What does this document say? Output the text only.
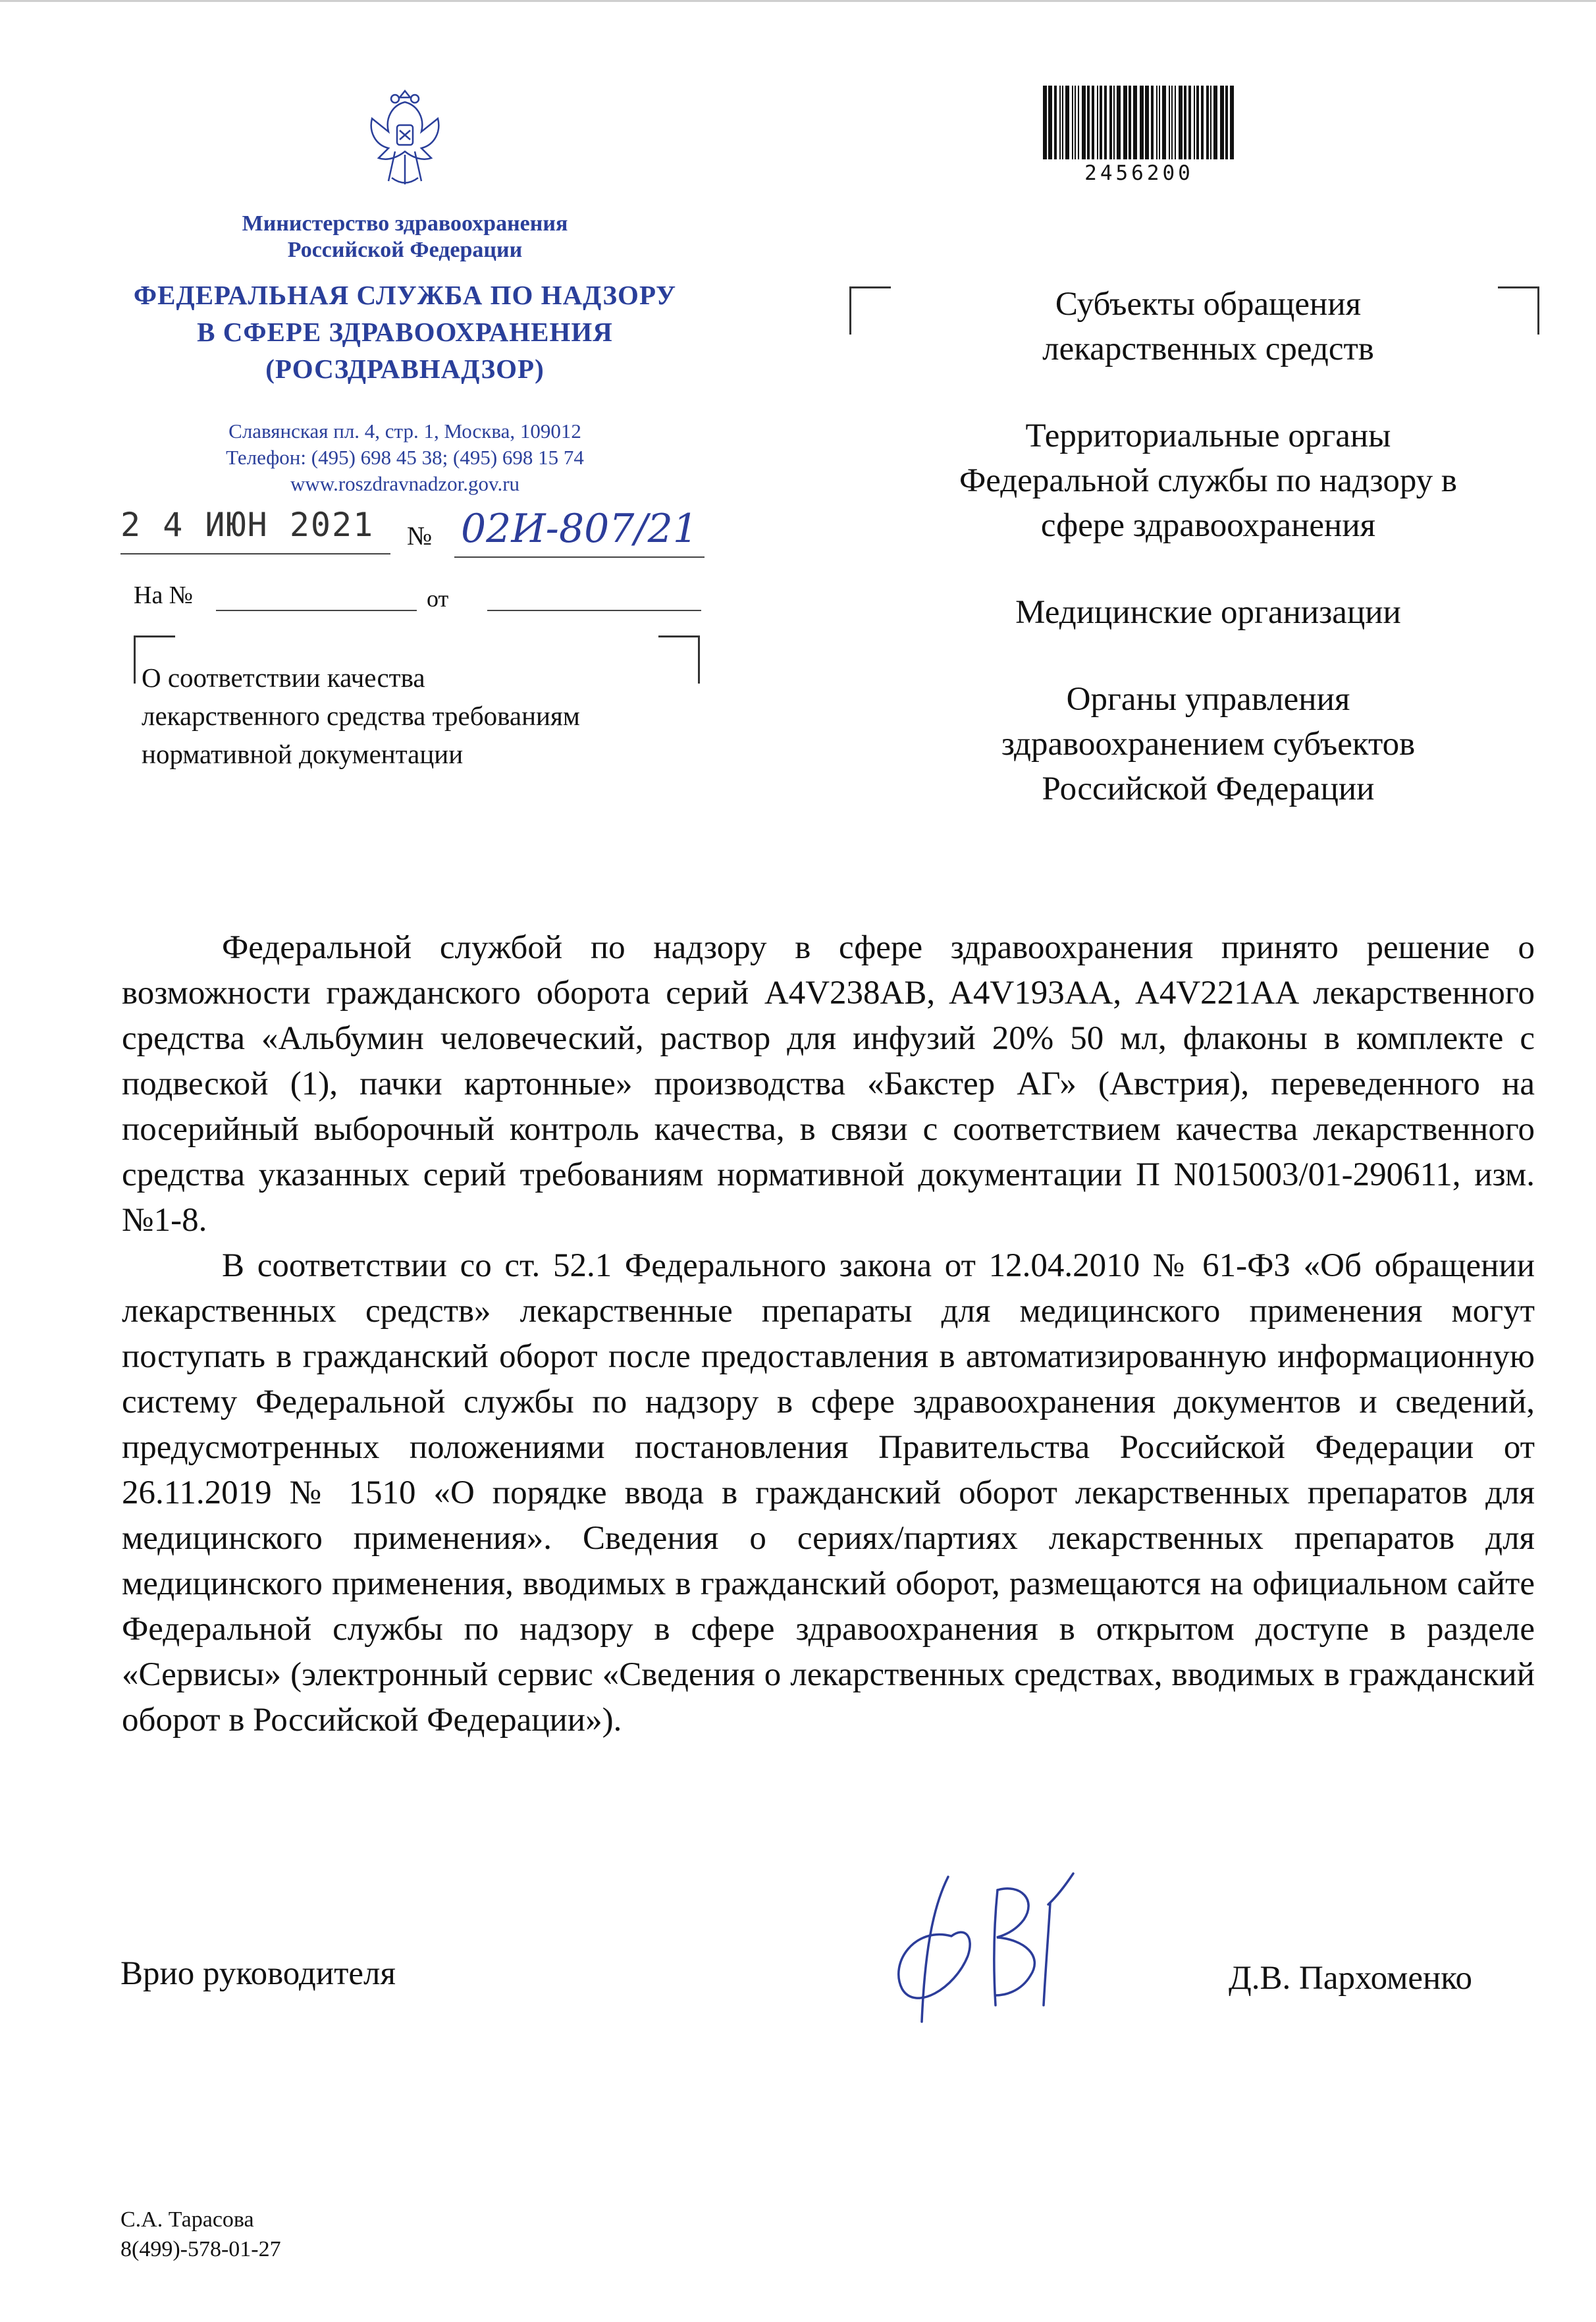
Министерство здравоохранения
Российской Федерации
ФЕДЕРАЛЬНАЯ СЛУЖБА ПО НАДЗОРУ
В СФЕРЕ ЗДРАВООХРАНЕНИЯ
(РОСЗДРАВНАДЗОР)
Славянская пл. 4, стр. 1, Москва, 109012
Телефон: (495) 698 45 38; (495) 698 15 74
www.roszdravnadzor.gov.ru
2 4 ИЮН 2021 № 02И-807/21
На №	от
О соответствии качества
лекарственного средства требованиям
нормативной документации
2456200

Субъекты обращения
лекарственных средств

Территориальные органы
Федеральной службы по надзору в
сфере здравоохранения

Медицинские организации

Органы управления
здравоохранением субъектов
Российской Федерации

Федеральной службой по надзору в сфере здравоохранения принято решение о возможности гражданского оборота серий A4V238AB, A4V193AA, A4V221AA лекарственного средства «Альбумин человеческий, раствор для инфузий 20% 50 мл, флаконы в комплекте с подвеской (1), пачки картонные» производства «Бакстер АГ» (Австрия), переведенного на посерийный выборочный контроль качества, в связи с соответствием качества лекарственного средства указанных серий требованиям нормативной документации П N015003/01-290611, изм. №1-8.

В соответствии со ст. 52.1 Федерального закона от 12.04.2010 № 61-ФЗ «Об обращении лекарственных средств» лекарственные препараты для медицинского применения могут поступать в гражданский оборот после предоставления в автоматизированную информационную систему Федеральной службы по надзору в сфере здравоохранения документов и сведений, предусмотренных положениями постановления Правительства Российской Федерации от 26.11.2019 № 1510 «О порядке ввода в гражданский оборот лекарственных препаратов для медицинского применения». Сведения о сериях/партиях лекарственных препаратов для медицинского применения, вводимых в гражданский оборот, размещаются на официальном сайте Федеральной службы по надзору в сфере здравоохранения в открытом доступе в разделе «Сервисы» (электронный сервис «Сведения о лекарственных средствах, вводимых в гражданский оборот в Российской Федерации»).

Врио руководителя	Д.В. Пархоменко
С.А. Тарасова
8(499)-578-01-27
